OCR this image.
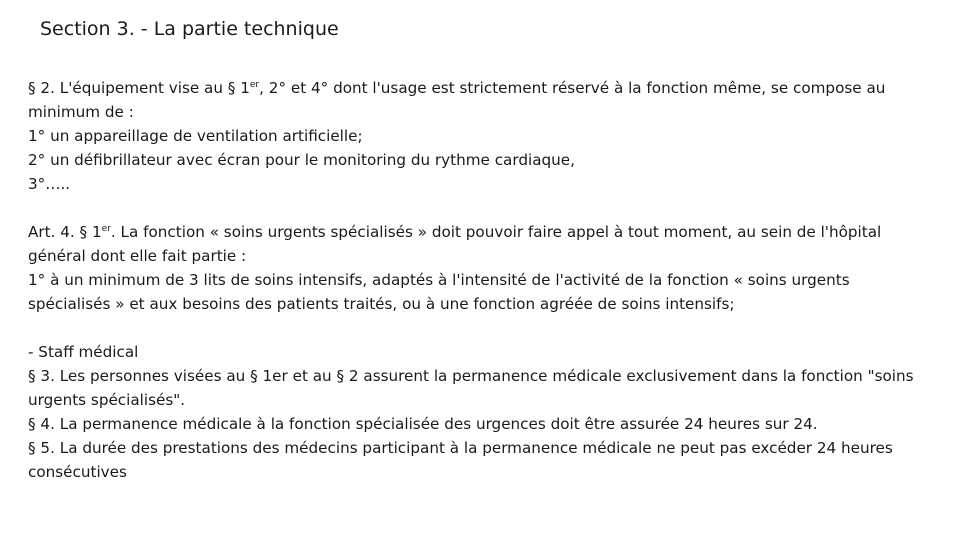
Section 3. - La partie technique

§ 2. L'équipement vise au § 1er, 2° et 4° dont l'usage est strictement réservé à la fonction même, se compose au minimum de :

1° un appareillage de ventilation artificielle;

2° un défibrillateur avec écran pour le monitoring du rythme cardiaque,

3°…..

Art. 4. § 1er. La fonction « soins urgents spécialisés » doit pouvoir faire appel à tout moment, au sein de l'hôpital général dont elle fait partie :

1° à un minimum de 3 lits de soins intensifs, adaptés à l'intensité de l'activité de la fonction « soins urgents spécialisés » et aux besoins des patients traités, ou à une fonction agréée de soins intensifs;

- Staff médical

§ 3. Les personnes visées au § 1er et au § 2 assurent la permanence médicale exclusivement dans la fonction "soins urgents spécialisés".

§ 4. La permanence médicale à la fonction spécialisée des urgences doit être assurée 24 heures sur 24.

§ 5. La durée des prestations des médecins participant à la permanence médicale ne peut pas excéder 24 heures consécutives
